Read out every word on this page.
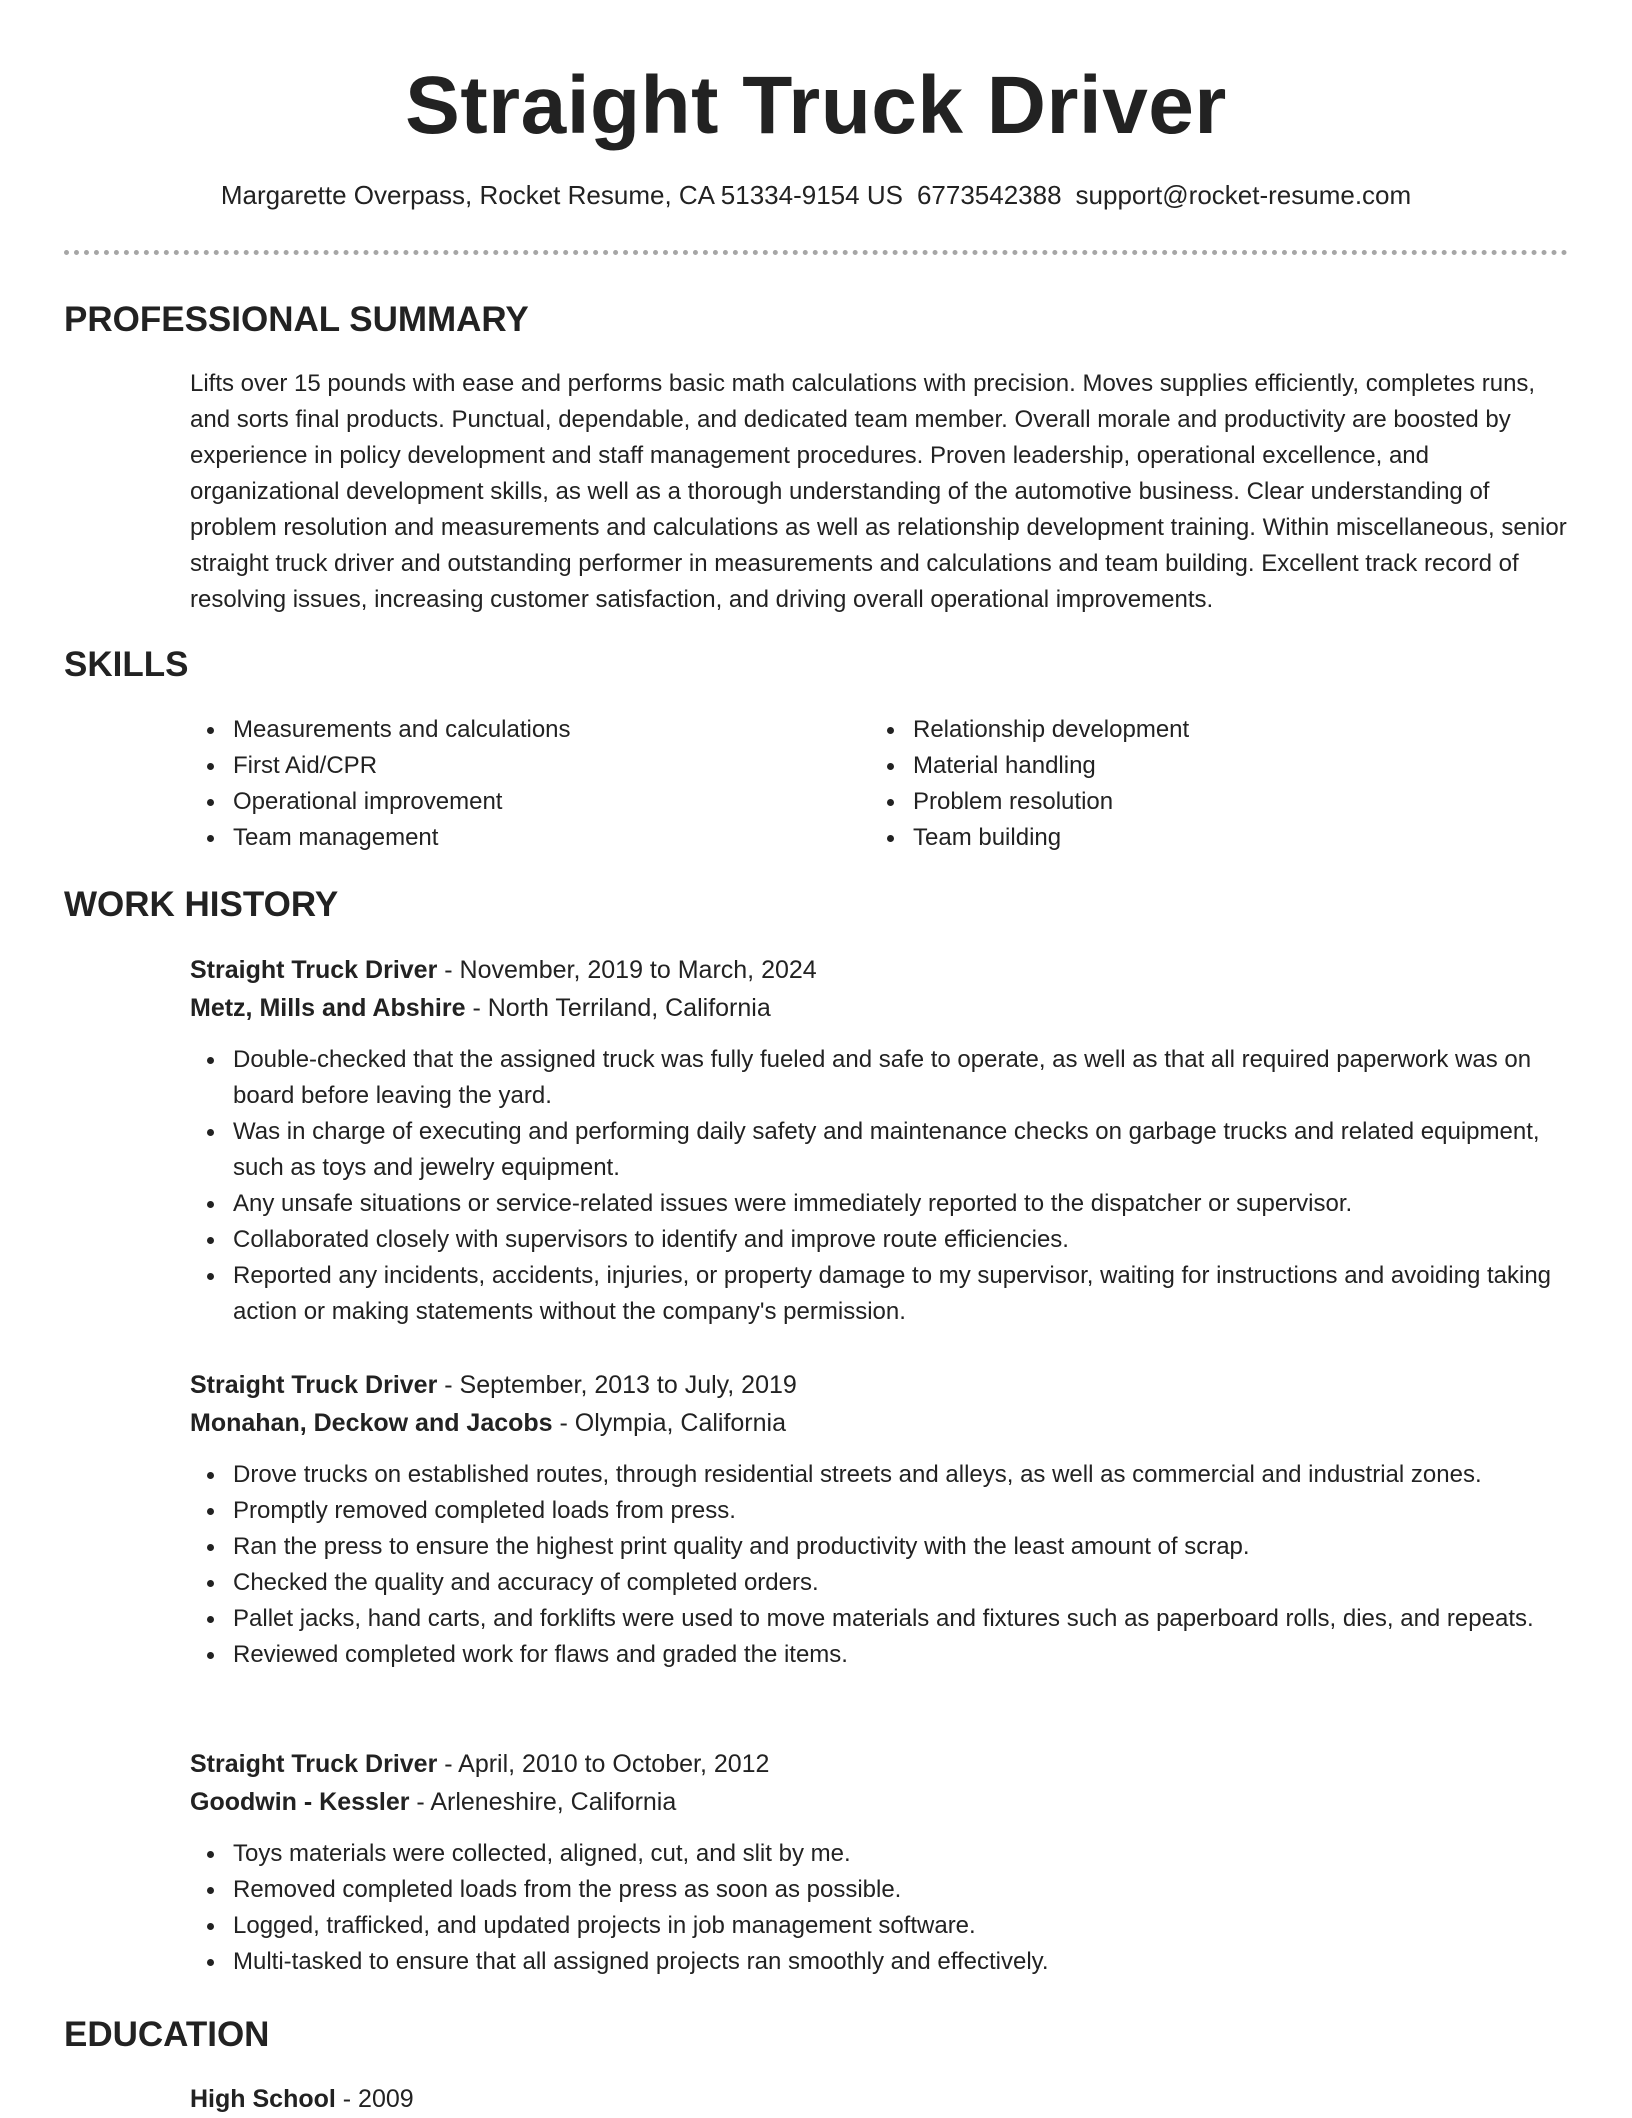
Straight Truck Driver
Margarette Overpass, Rocket Resume, CA 51334-9154 US 6773542388 support@rocket-resume.com
PROFESSIONAL SUMMARY

Lifts over 15 pounds with ease and performs basic math calculations with precision. Moves supplies efficiently, completes runs, and sorts final products. Punctual, dependable, and dedicated team member. Overall morale and productivity are boosted by experience in policy development and staff management procedures. Proven leadership, operational excellence, and organizational development skills, as well as a thorough understanding of the automotive business. Clear understanding of problem resolution and measurements and calculations as well as relationship development training. Within miscellaneous, senior straight truck driver and outstanding performer in measurements and calculations and team building. Excellent track record of resolving issues, increasing customer satisfaction, and driving overall operational improvements.

SKILLS
Measurements and calculations
First Aid/CPR
Operational improvement
Team management
Relationship development
Material handling
Problem resolution
Team building
WORK HISTORY
Straight Truck Driver - November, 2019 to March, 2024
Metz, Mills and Abshire - North Terriland, California
Double-checked that the assigned truck was fully fueled and safe to operate, as well as that all required paperwork was on board before leaving the yard.
Was in charge of executing and performing daily safety and maintenance checks on garbage trucks and related equipment, such as toys and jewelry equipment.
Any unsafe situations or service-related issues were immediately reported to the dispatcher or supervisor.
Collaborated closely with supervisors to identify and improve route efficiencies.
Reported any incidents, accidents, injuries, or property damage to my supervisor, waiting for instructions and avoiding taking action or making statements without the company's permission.
Straight Truck Driver - September, 2013 to July, 2019
Monahan, Deckow and Jacobs - Olympia, California
Drove trucks on established routes, through residential streets and alleys, as well as commercial and industrial zones.
Promptly removed completed loads from press.
Ran the press to ensure the highest print quality and productivity with the least amount of scrap.
Checked the quality and accuracy of completed orders.
Pallet jacks, hand carts, and forklifts were used to move materials and fixtures such as paperboard rolls, dies, and repeats.
Reviewed completed work for flaws and graded the items.
Straight Truck Driver - April, 2010 to October, 2012
Goodwin - Kessler - Arleneshire, California
Toys materials were collected, aligned, cut, and slit by me.
Removed completed loads from the press as soon as possible.
Logged, trafficked, and updated projects in job management software.
Multi-tasked to ensure that all assigned projects ran smoothly and effectively.
EDUCATION
High School - 2009
